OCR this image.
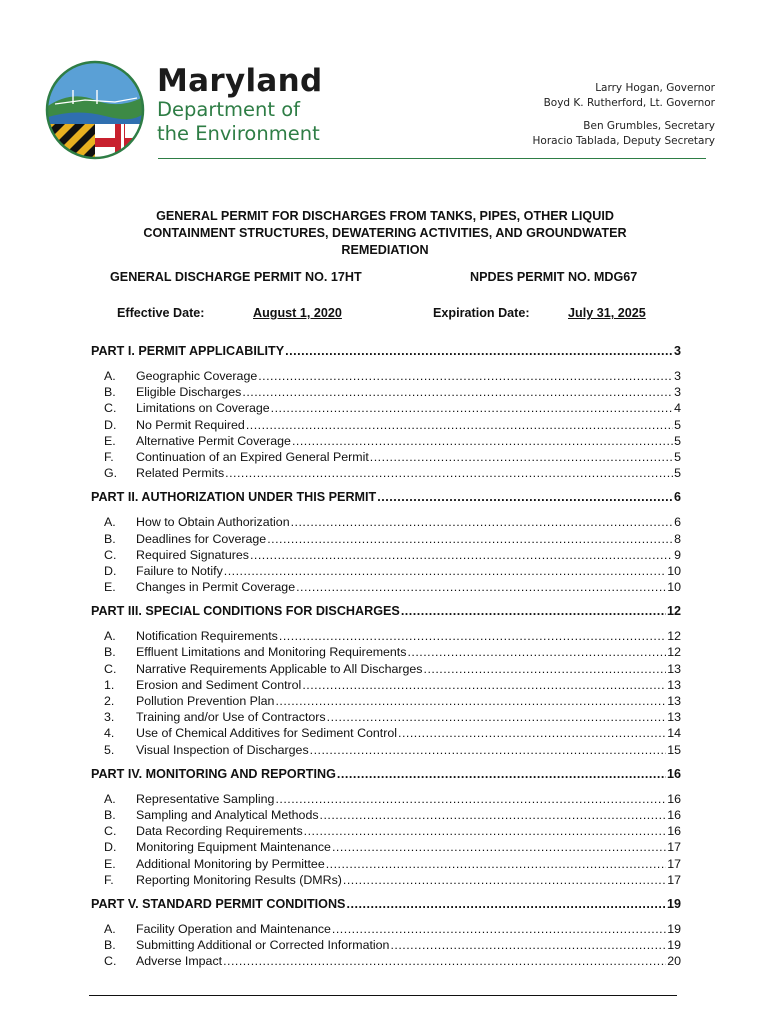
Maryland
Department of
the Environment
Larry Hogan, Governor
Boyd K. Rutherford, Lt. Governor
Ben Grumbles, Secretary
Horacio Tablada, Deputy Secretary
GENERAL PERMIT FOR DISCHARGES FROM TANKS, PIPES, OTHER LIQUID
CONTAINMENT STRUCTURES, DEWATERING ACTIVITIES, AND GROUNDWATER
REMEDIATION
GENERAL DISCHARGE PERMIT NO. 17HT	NPDES PERMIT NO. MDG67
Effective Date:	August 1, 2020	Expiration Date:	July 31, 2025
PART I. PERMIT APPLICABILITY .....	3
A.	Geographic Coverage .....	3
B.	Eligible Discharges .....	3
C.	Limitations on Coverage .....	4
D.	No Permit Required .....	5
E.	Alternative Permit Coverage .....	5
F.	Continuation of an Expired General Permit .....	5
G.	Related Permits .....	5
PART II. AUTHORIZATION UNDER THIS PERMIT .....	6
A.	How to Obtain Authorization .....	6
B.	Deadlines for Coverage .....	8
C.	Required Signatures .....	9
D.	Failure to Notify .....	10
E.	Changes in Permit Coverage .....	10
PART III. SPECIAL CONDITIONS FOR DISCHARGES .....	12
A.	Notification Requirements .....	12
B.	Effluent Limitations and Monitoring Requirements .....	12
C.	Narrative Requirements Applicable to All Discharges .....	13
1.	Erosion and Sediment Control .....	13
2.	Pollution Prevention Plan .....	13
3.	Training and/or Use of Contractors .....	13
4.	Use of Chemical Additives for Sediment Control .....	14
5.	Visual Inspection of Discharges .....	15
PART IV. MONITORING AND REPORTING .....	16
A.	Representative Sampling .....	16
B.	Sampling and Analytical Methods .....	16
C.	Data Recording Requirements .....	16
D.	Monitoring Equipment Maintenance .....	17
E.	Additional Monitoring by Permittee .....	17
F.	Reporting Monitoring Results (DMRs) .....	17
PART V. STANDARD PERMIT CONDITIONS .....	19
A.	Facility Operation and Maintenance .....	19
B.	Submitting Additional or Corrected Information .....	19
C.	Adverse Impact .....	20
